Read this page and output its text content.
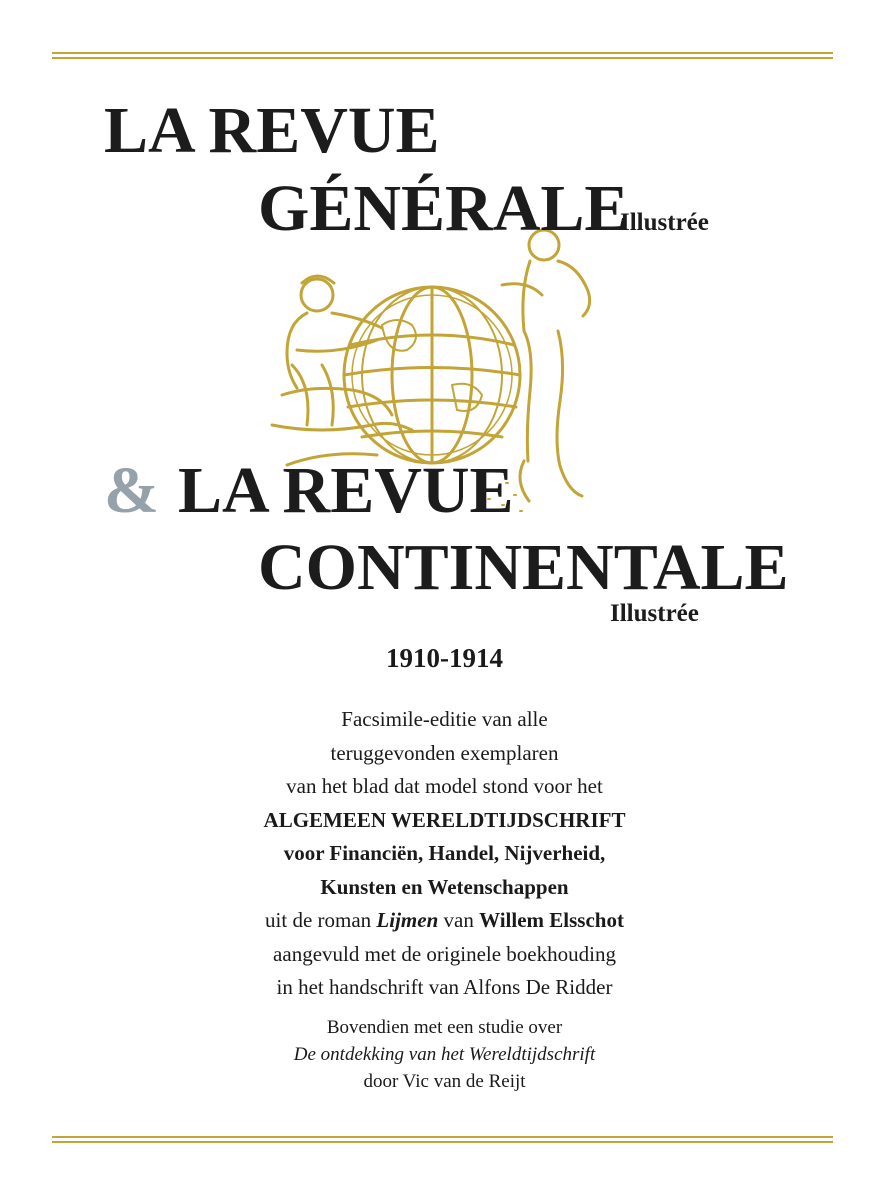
LA REVUE
GÉNÉRALE
Illustrée
& LA REVUE
CONTINENTALE
Illustrée
1910-1914
Facsimile-editie van alle
teruggevonden exemplaren
van het blad dat model stond voor het
ALGEMEEN WERELDTIJDSCHRIFT
voor Financiën, Handel, Nijverheid,
Kunsten en Wetenschappen
uit de roman Lijmen van Willem Elsschot
aangevuld met de originele boekhouding
in het handschrift van Alfons De Ridder
Bovendien met een studie over
De ontdekking van het Wereldtijdschrift
door Vic van de Reijt
